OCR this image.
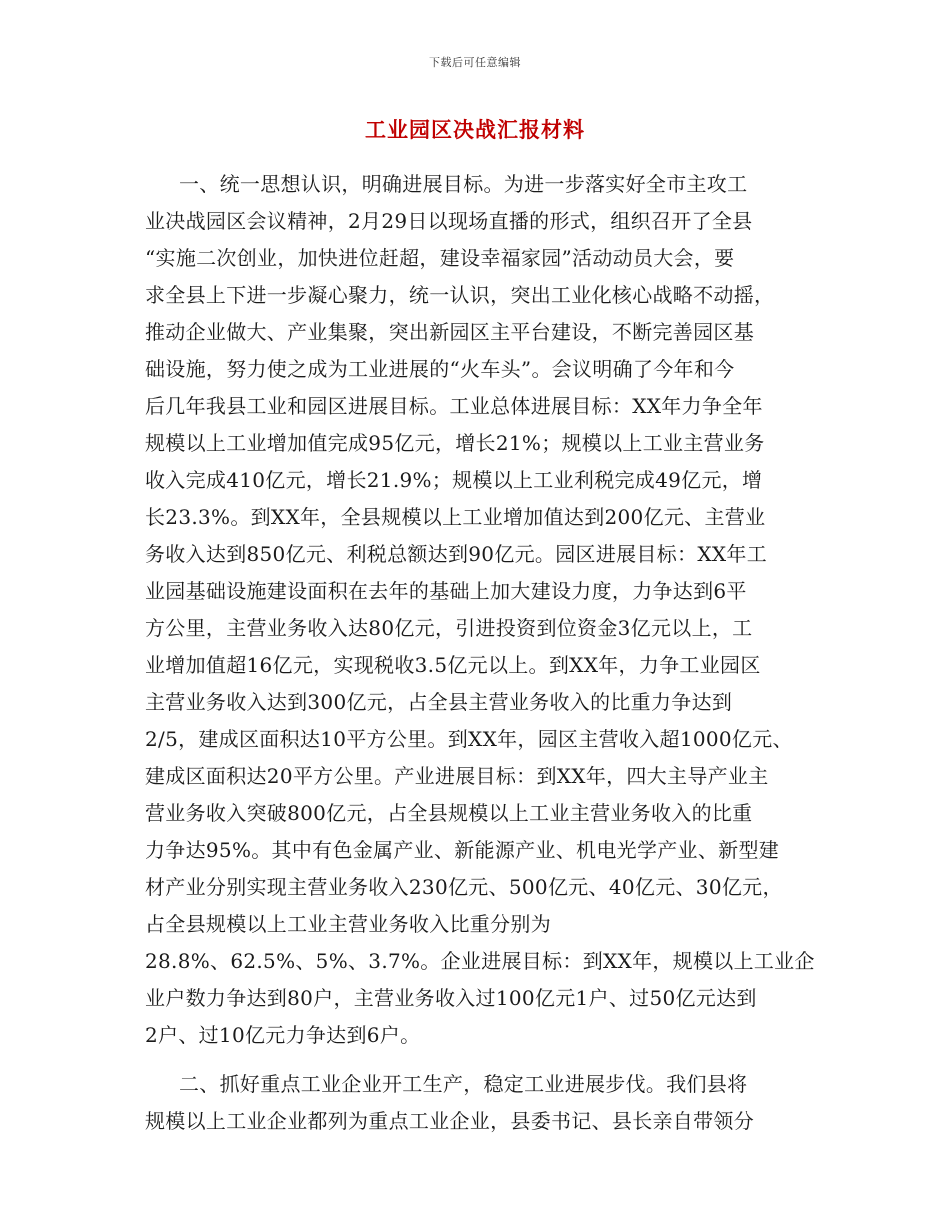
下载后可任意编辑
工业园区决战汇报材料
一、统一思想认识，明确进展目标。为进一步落实好全市主攻工
业决战园区会议精神，2月29日以现场直播的形式，组织召开了全县
“实施二次创业，加快进位赶超，建设幸福家园”活动动员大会，要
求全县上下进一步凝心聚力，统一认识，突出工业化核心战略不动摇，
推动企业做大、产业集聚，突出新园区主平台建设，不断完善园区基
础设施，努力使之成为工业进展的“火车头”。会议明确了今年和今
后几年我县工业和园区进展目标。工业总体进展目标：XX年力争全年
规模以上工业增加值完成95亿元，增长21%；规模以上工业主营业务
收入完成410亿元，增长21.9%；规模以上工业利税完成49亿元，增
长23.3%。到XX年，全县规模以上工业增加值达到200亿元、主营业
务收入达到850亿元、利税总额达到90亿元。园区进展目标：XX年工
业园基础设施建设面积在去年的基础上加大建设力度，力争达到6平
方公里，主营业务收入达80亿元，引进投资到位资金3亿元以上，工
业增加值超16亿元，实现税收3.5亿元以上。到XX年，力争工业园区
主营业务收入达到300亿元，占全县主营业务收入的比重力争达到
2/5，建成区面积达10平方公里。到XX年，园区主营收入超1000亿元、
建成区面积达20平方公里。产业进展目标：到XX年，四大主导产业主
营业务收入突破800亿元，占全县规模以上工业主营业务收入的比重
力争达95%。其中有色金属产业、新能源产业、机电光学产业、新型建
材产业分别实现主营业务收入230亿元、500亿元、40亿元、30亿元，
占全县规模以上工业主营业务收入比重分别为
28.8%、62.5%、5%、3.7%。企业进展目标：到XX年，规模以上工业企
业户数力争达到80户，主营业务收入过100亿元1户、过50亿元达到
2户、过10亿元力争达到6户。
二、抓好重点工业企业开工生产，稳定工业进展步伐。我们县将
规模以上工业企业都列为重点工业企业，县委书记、县长亲自带领分
